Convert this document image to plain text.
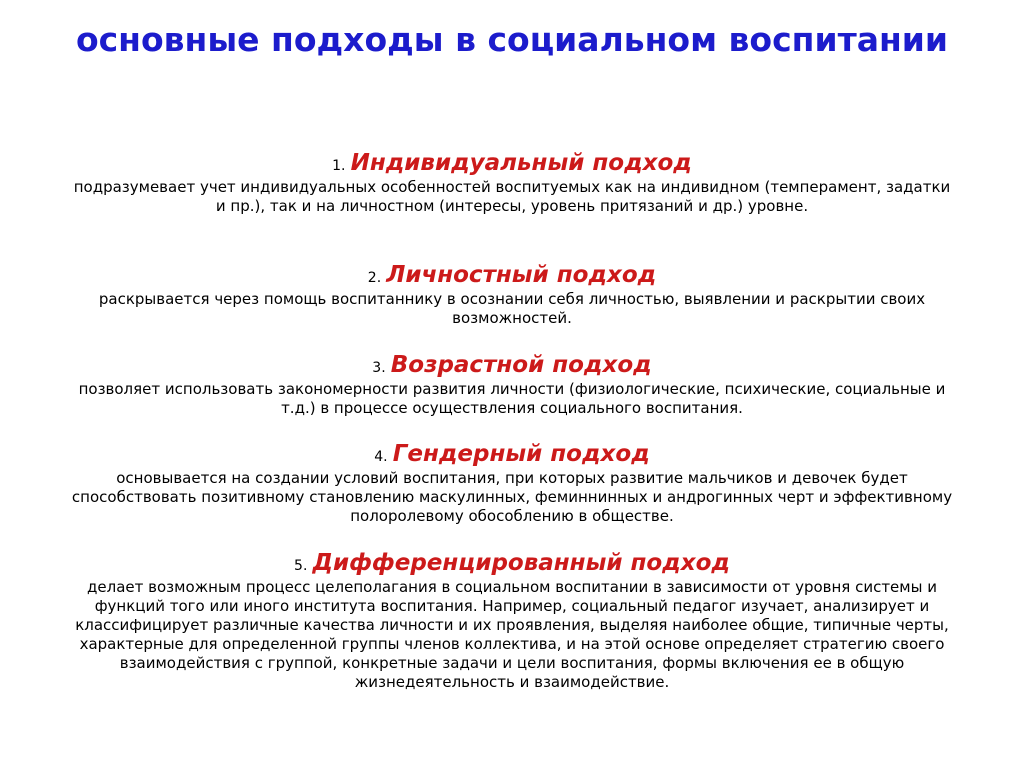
основные подходы в социальном воспитании
1. Индивидуальный подход
подразумевает учет индивидуальных особенностей воспитуемых как на индивидном (темперамент, задатки и пр.), так и на личностном (интересы, уровень притязаний и др.) уровне.
2. Личностный подход
раскрывается через помощь воспитаннику в осознании себя личностью, выявлении и раскрытии своих возможностей.
3. Возрастной подход
позволяет использовать закономерности развития личности (физиологические, психические, социальные и т.д.) в процессе осуществления социального воспитания.
4. Гендерный подход
основывается на создании условий воспитания, при которых развитие мальчиков и девочек будет способствовать позитивному становлению маскулинных, феминнинных и андрогинных черт и эффективному полоролевому обособлению в обществе.
5. Дифференцированный подход
делает возможным процесс целеполагания в социальном воспитании в зависимости от уровня системы и функций того или иного института воспитания. Например, социальный педагог изучает, анализирует и классифицирует различные качества личности и их проявления, выделяя наиболее общие, типичные черты, характерные для определенной группы членов коллектива, и на этой основе определяет стратегию своего взаимодействия с группой, конкретные задачи и цели воспитания, формы включения ее в общую жизнедеятельность и взаимодействие.
